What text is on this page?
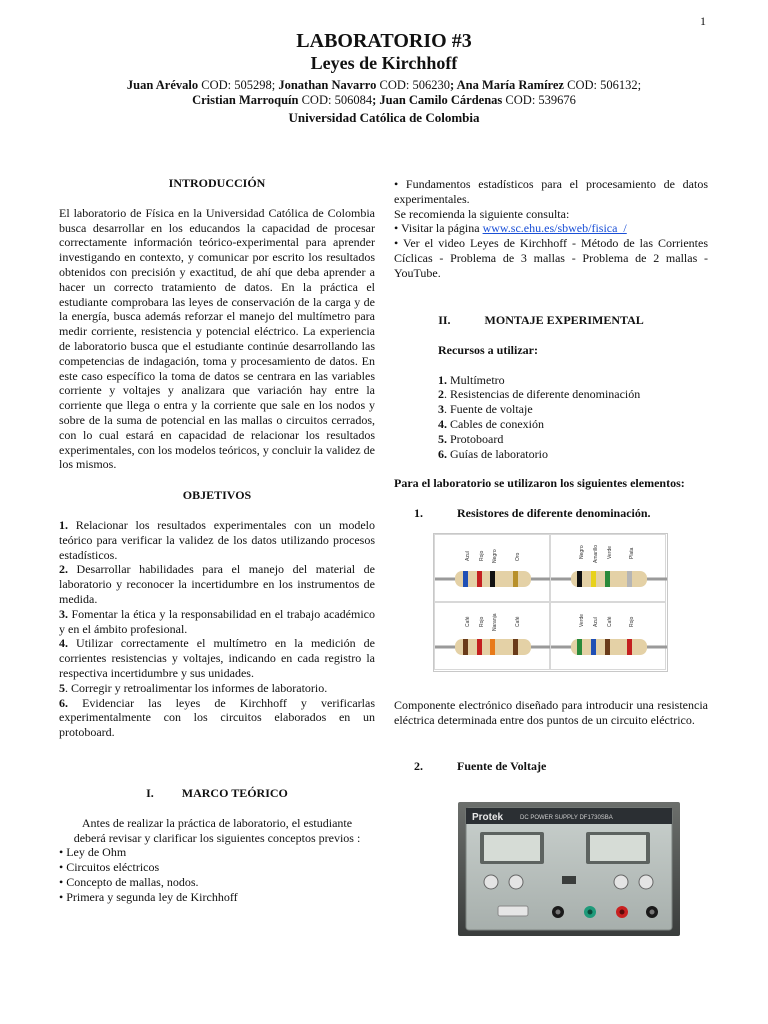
1
LABORATORIO #3
Leyes de Kirchhoff
Juan Arévalo COD: 505298; Jonathan Navarro COD: 506230; Ana María Ramírez COD: 506132;
Cristian Marroquín COD: 506084; Juan Camilo Cárdenas COD: 539676
Universidad Católica de Colombia
INTRODUCCIÓN

El laboratorio de Física en la Universidad Católica de Colombia busca desarrollar en los educandos la capacidad de procesar correctamente información teórico-experimental para aprender investigando en contexto, y comunicar por escrito los resultados obtenidos con precisión y exactitud, de ahí que deba aprender a hacer un correcto tratamiento de datos. En la práctica el estudiante comprobara las leyes de conservación de la carga y de la energía, busca además reforzar el manejo del multímetro para medir corriente, resistencia y potencial eléctrico. La experiencia de laboratorio busca que el estudiante continúe desarrollando las competencias de indagación, toma y procesamiento de datos. En este caso específico la toma de datos se centrara en las variables corriente y voltajes y analizara que variación hay entre la corriente que llega o entra y la corriente que sale en los nodos y sobre de la suma de potencial en las mallas o circuitos cerrados, con lo cual estará en capacidad de relacionar los resultados experimentales, con los modelos teóricos, y concluir la validez de los mismos.

OBJETIVOS

1. Relacionar los resultados experimentales con un modelo teórico para verificar la validez de los datos utilizando procesos estadísticos.

2. Desarrollar habilidades para el manejo del material de laboratorio y reconocer la incertidumbre en los instrumentos de medida.

3. Fomentar la ética y la responsabilidad en el trabajo académico y en el ámbito profesional.

4. Utilizar correctamente el multímetro en la medición de corrientes resistencias y voltajes, indicando en cada registro la respectiva incertidumbre y sus unidades.

5. Corregir y retroalimentar los informes de laboratorio.

6. Evidenciar las leyes de Kirchhoff y verificarlas experimentalmente con los circuitos elaborados en un protoboard.

I. MARCO TEÓRICO

Antes de realizar la práctica de laboratorio, el estudiante deberá revisar y clarificar los siguientes conceptos previos :

• Ley de Ohm
• Circuitos eléctricos
• Concepto de mallas, nodos.
• Primera y segunda ley de Kirchhoff

• Fundamentos estadísticos para el procesamiento de datos experimentales.

Se recomienda la siguiente consulta:

• Visitar la página www.sc.ehu.es/sbweb/fisica_/

• Ver el video Leyes de Kirchhoff - Método de las Corrientes Cíclicas - Problema de 3 mallas - Problema de 2 mallas - YouTube.

II.	MONTAJE EXPERIMENTAL
Recursos a utilizar:

1. Multímetro

2. Resistencias de diferente denominación

3. Fuente de voltaje

4. Cables de conexión

5. Protoboard

6. Guías de laboratorio

Para el laboratorio se utilizaron los siguientes elementos:
1.	Resistores de diferente denominación.
Azul Rojo Negro	Oro	Negro Amarillo Verde	Plata
Café Rojo Naranja	Café	Verde Azul Café	Rojo

Componente electrónico diseñado para introducir una resistencia eléctrica determinada entre dos puntos de un circuito eléctrico.

2.	Fuente de Voltaje
Protek	DC POWER SUPPLY DF1730SBA
